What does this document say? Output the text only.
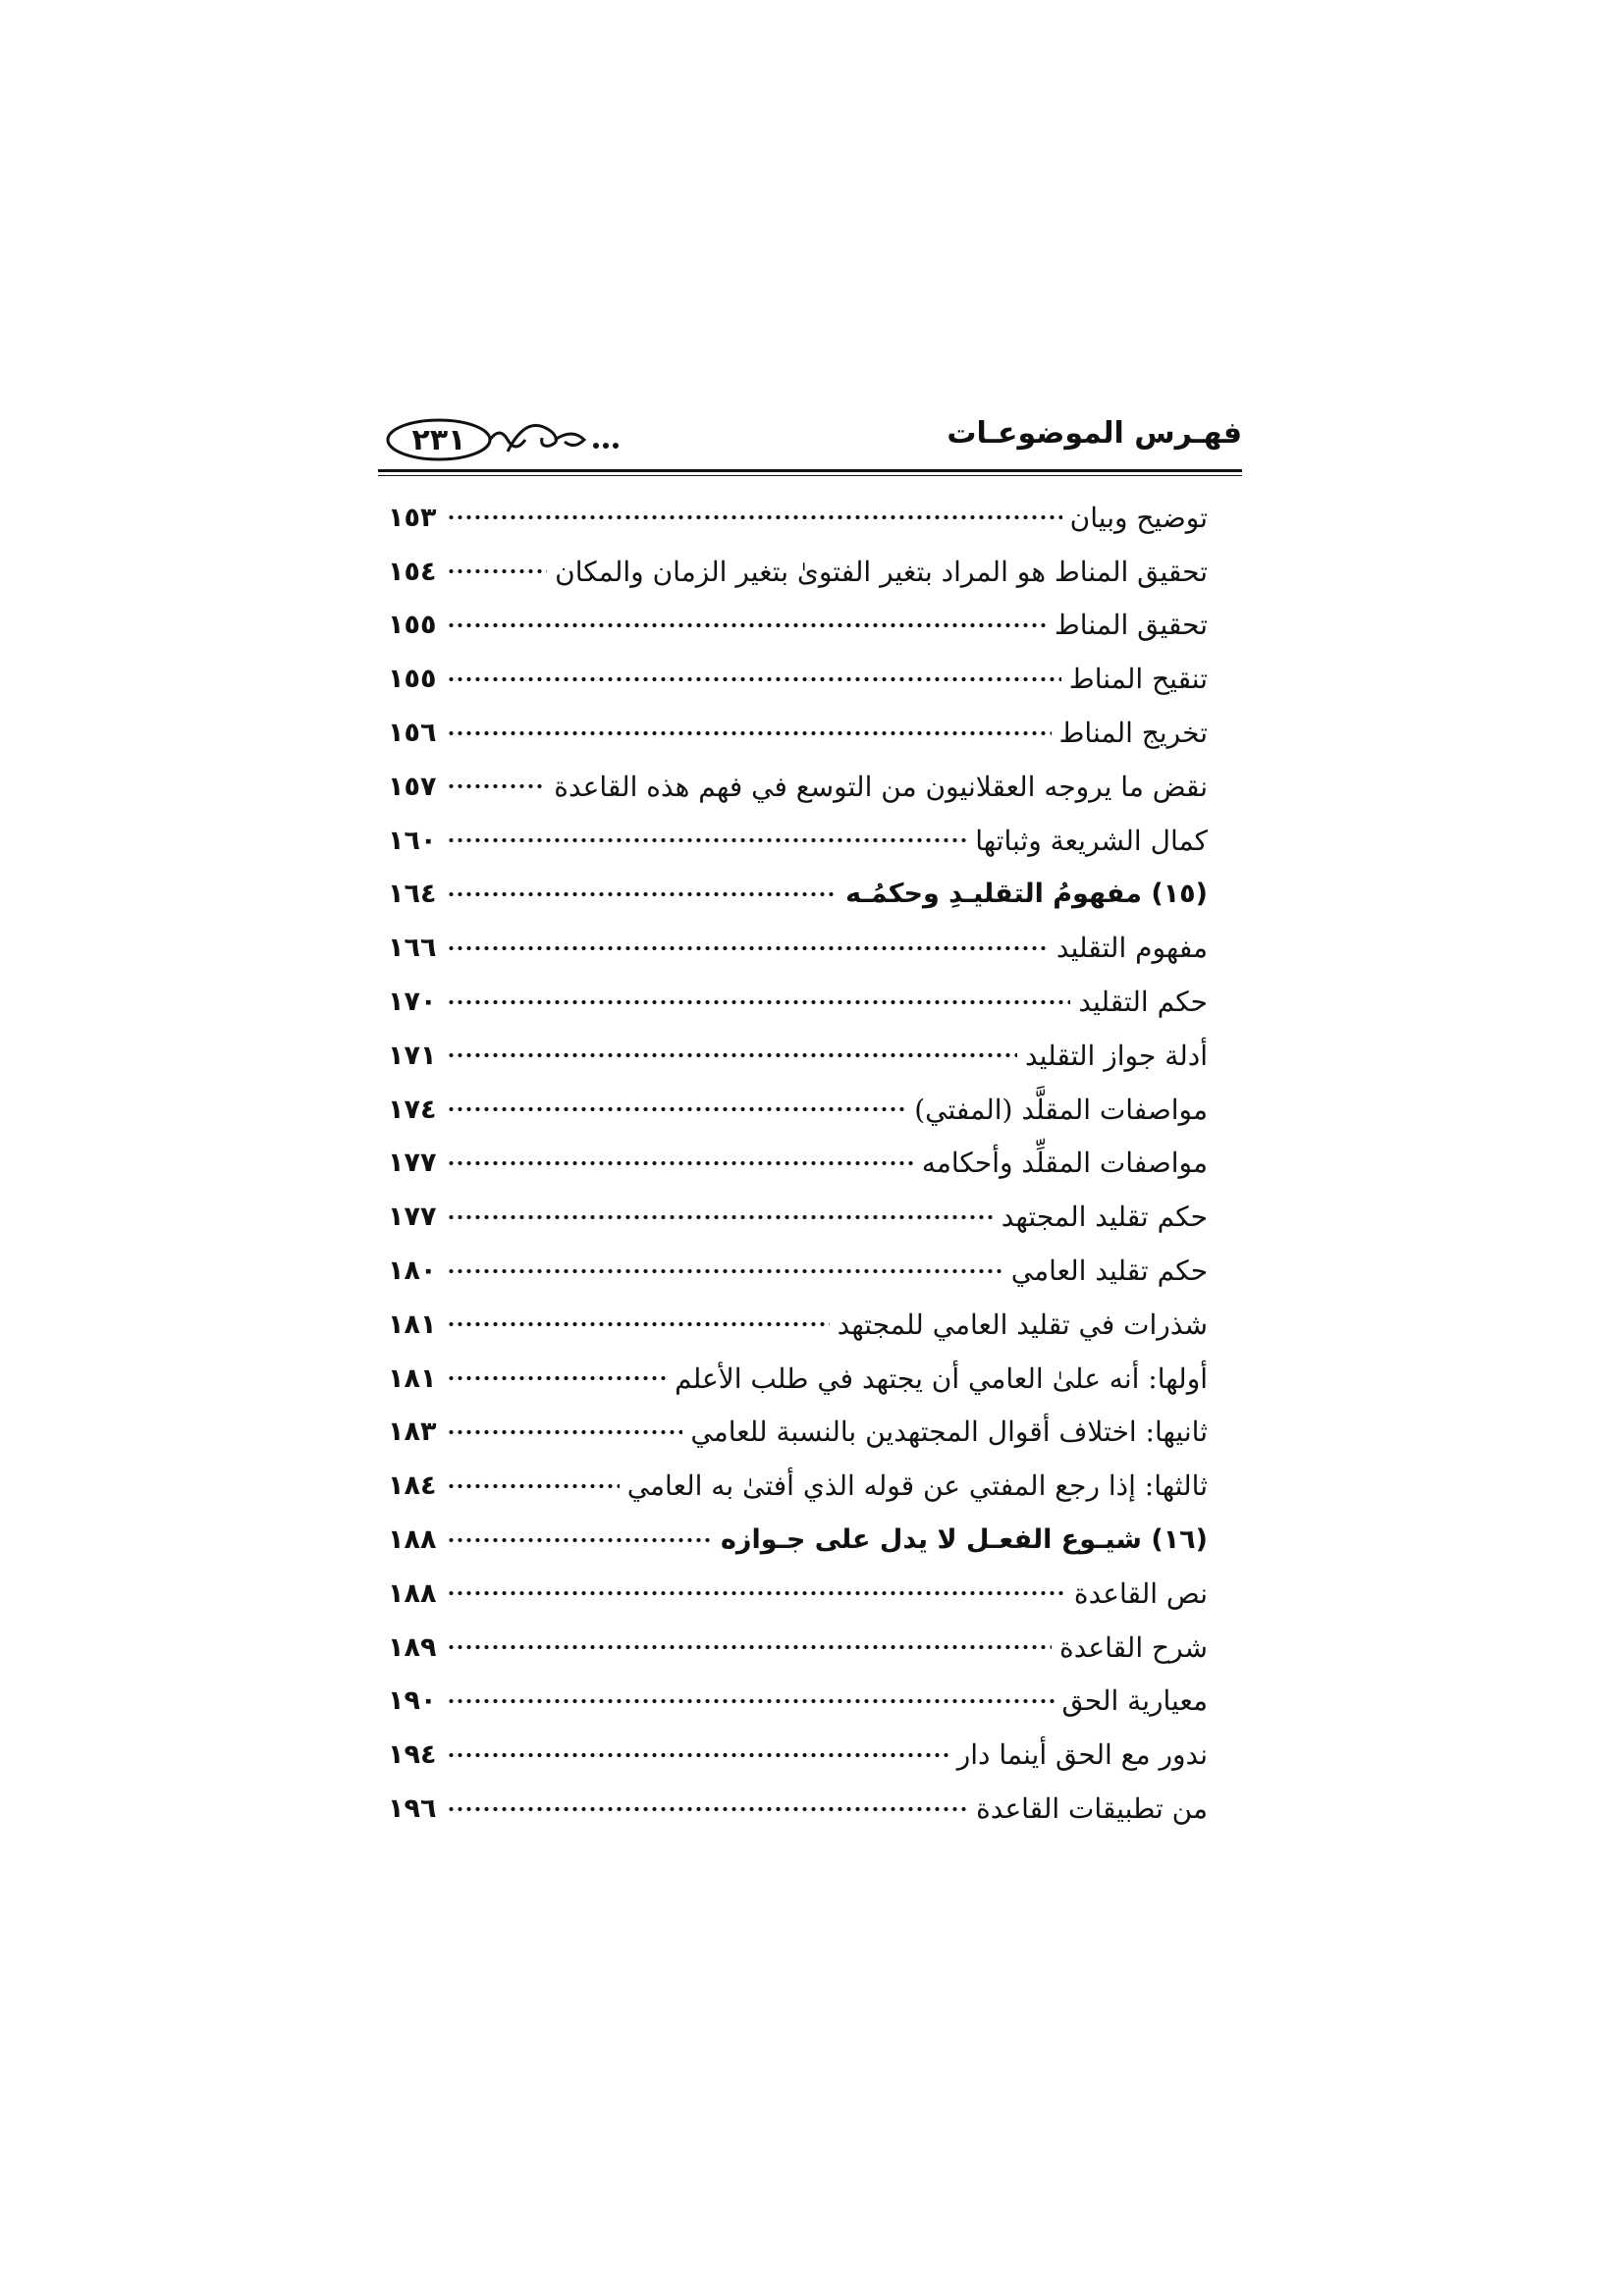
٢٣١	فهـرس الموضوعـات
توضيح وبيان
١٥٣
تحقيق المناط هو المراد بتغير الفتوىٰ بتغير الزمان والمكان
١٥٤
تحقيق المناط
١٥٥
تنقيح المناط
١٥٥
تخريج المناط
١٥٦
نقض ما يروجه العقلانيون من التوسع في فهم هذه القاعدة
١٥٧
كمال الشريعة وثباتها
١٦٠
(١٥) مفهومُ التقليـدِ وحكمُـه
١٦٤
مفهوم التقليد
١٦٦
حكم التقليد
١٧٠
أدلة جواز التقليد
١٧١
مواصفات المقلَّد (المفتي)
١٧٤
مواصفات المقلِّد وأحكامه
١٧٧
حكم تقليد المجتهد
١٧٧
حكم تقليد العامي
١٨٠
شذرات في تقليد العامي للمجتهد
١٨١
أولها: أنه علىٰ العامي أن يجتهد في طلب الأعلم
١٨١
ثانيها: اختلاف أقوال المجتهدين بالنسبة للعامي
١٨٣
ثالثها: إذا رجع المفتي عن قوله الذي أفتىٰ به العامي
١٨٤
(١٦) شيـوع الفعـل لا يدل على جـوازه
١٨٨
نص القاعدة
١٨٨
شرح القاعدة
١٨٩
معيارية الحق
١٩٠
ندور مع الحق أينما دار
١٩٤
من تطبيقات القاعدة
١٩٦
